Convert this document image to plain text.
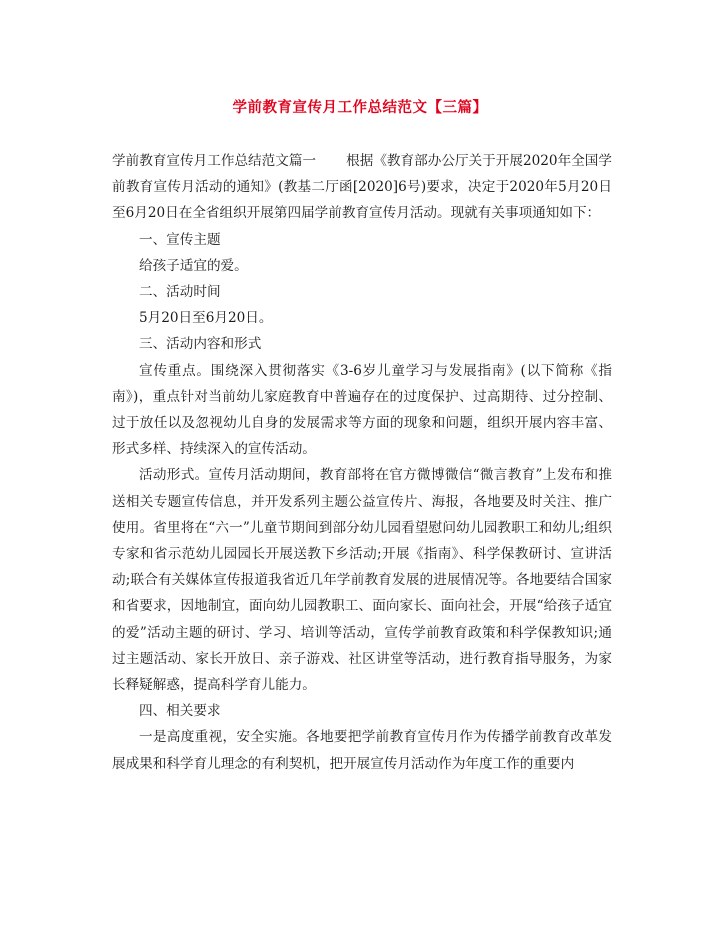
学前教育宣传月工作总结范文【三篇】

学前教育宣传月工作总结范文篇一 根据《教育部办公厅关于开展2020年全国学前教育宣传月活动的通知》(教基二厅函[2020]6号)要求，决定于2020年5月20日至6月20日在全省组织开展第四届学前教育宣传月活动。现就有关事项通知如下：

一、宣传主题

给孩子适宜的爱。

二、活动时间

5月20日至6月20日。

三、活动内容和形式

宣传重点。围绕深入贯彻落实《3-6岁儿童学习与发展指南》(以下简称《指南》)，重点针对当前幼儿家庭教育中普遍存在的过度保护、过高期待、过分控制、过于放任以及忽视幼儿自身的发展需求等方面的现象和问题，组织开展内容丰富、形式多样、持续深入的宣传活动。

活动形式。宣传月活动期间，教育部将在官方微博微信“微言教育”上发布和推送相关专题宣传信息，并开发系列主题公益宣传片、海报，各地要及时关注、推广使用。省里将在“六一”儿童节期间到部分幼儿园看望慰问幼儿园教职工和幼儿;组织专家和省示范幼儿园园长开展送教下乡活动;开展《指南》、科学保教研讨、宣讲活动;联合有关媒体宣传报道我省近几年学前教育发展的进展情况等。各地要结合国家和省要求，因地制宜，面向幼儿园教职工、面向家长、面向社会，开展“给孩子适宜的爱”活动主题的研讨、学习、培训等活动，宣传学前教育政策和科学保教知识;通过主题活动、家长开放日、亲子游戏、社区讲堂等活动，进行教育指导服务，为家长释疑解惑，提高科学育儿能力。

四、相关要求

一是高度重视，安全实施。各地要把学前教育宣传月作为传播学前教育改革发展成果和科学育儿理念的有利契机，把开展宣传月活动作为年度工作的重要内
